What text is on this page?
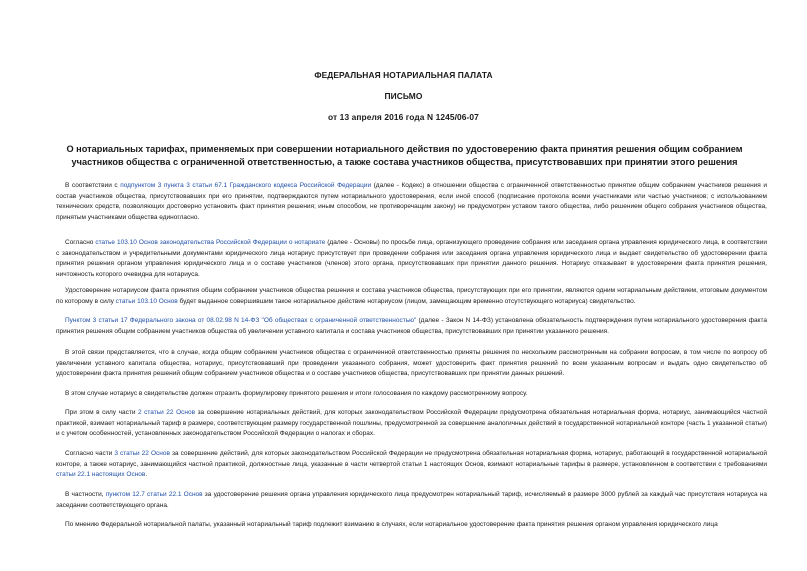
ФЕДЕРАЛЬНАЯ НОТАРИАЛЬНАЯ ПАЛАТА
ПИСЬМО
от 13 апреля 2016 года N 1245/06-07
О нотариальных тарифах, применяемых при совершении нотариального действия по удостоверению факта принятия решения общим собранием участников общества с ограниченной ответственностью, а также состава участников общества, присутствовавших при принятии этого решения

В соответствии с подпунктом 3 пункта 3 статьи 67.1 Гражданского кодекса Российской Федерации (далее - Кодекс) в отношении общества с ограниченной ответственностью принятие общим собранием участников решения и состав участников общества, присутствовавших при его принятии, подтверждаются путем нотариального удостоверения, если иной способ (подписание протокола всеми участниками или частью участников; с использованием технических средств, позволяющих достоверно установить факт принятия решения; иным способом, не противоречащим закону) не предусмотрен уставом такого общества, либо решением общего собрания участников общества, принятым участниками общества единогласно.

Согласно статье 103.10 Основ законодательства Российской Федерации о нотариате (далее - Основы) по просьбе лица, организующего проведение собрания или заседания органа управления юридического лица, в соответствии с законодательством и учредительными документами юридического лица нотариус присутствует при проведении собрания или заседания органа управления юридического лица и выдает свидетельство об удостоверении факта принятия решения органом управления юридического лица и о составе участников (членов) этого органа, присутствовавших при принятии данного решения. Нотариус отказывает в удостоверении факта принятия решения, ничтожность которого очевидна для нотариуса.

Удостоверение нотариусом факта принятия общим собранием участников общества решения и состава участников общества, присутствующих при его принятии, являются одним нотариальным действием, итоговым документом по которому в силу статьи 103.10 Основ будет выданное совершившим такое нотариальное действие нотариусом (лицом, замещающим временно отсутствующего нотариуса) свидетельство.

Пунктом 3 статьи 17 Федерального закона от 08.02.98 N 14-ФЗ "Об обществах с ограниченной ответственностью" (далее - Закон N 14-ФЗ) установлена обязательность подтверждения путем нотариального удостоверения факта принятия решения общим собранием участников общества об увеличении уставного капитала и состава участников общества, присутствовавших при принятии указанного решения.

В этой связи представляется, что в случае, когда общим собранием участников общества с ограниченной ответственностью приняты решения по нескольким рассмотренным на собрании вопросам, в том числе по вопросу об увеличении уставного капитала общества, нотариус, присутствовавший при проведении указанного собрания, может удостоверить факт принятия решений по всем указанным вопросам и выдать одно свидетельство об удостоверении факта принятия решений общим собранием участников общества и о составе участников общества, присутствовавших при принятии данных решений.

В этом случае нотариус в свидетельстве должен отразить формулировку принятого решения и итоги голосования по каждому рассмотренному вопросу.

При этом в силу части 2 статьи 22 Основ за совершение нотариальных действий, для которых законодательством Российской Федерации предусмотрена обязательная нотариальная форма, нотариус, занимающийся частной практикой, взимает нотариальный тариф в размере, соответствующем размеру государственной пошлины, предусмотренной за совершение аналогичных действий в государственной нотариальной конторе (часть 1 указанной статьи) и с учетом особенностей, установленных законодательством Российской Федерации о налогах и сборах.

Согласно части 3 статьи 22 Основ за совершение действий, для которых законодательством Российской Федерации не предусмотрена обязательная нотариальная форма, нотариус, работающий в государственной нотариальной конторе, а также нотариус, занимающийся частной практикой, должностные лица, указанные в части четвертой статьи 1 настоящих Основ, взимают нотариальные тарифы в размере, установленном в соответствии с требованиями статьи 22.1 настоящих Основ.

В частности, пунктом 12.7 статьи 22.1 Основ за удостоверение решения органа управления юридического лица предусмотрен нотариальный тариф, исчисляемый в размере 3000 рублей за каждый час присутствия нотариуса на заседании соответствующего органа.

По мнению Федеральной нотариальной палаты, указанный нотариальный тариф подлежит взиманию в случаях, если нотариальное удостоверение факта принятия решения органом управления юридического лица
